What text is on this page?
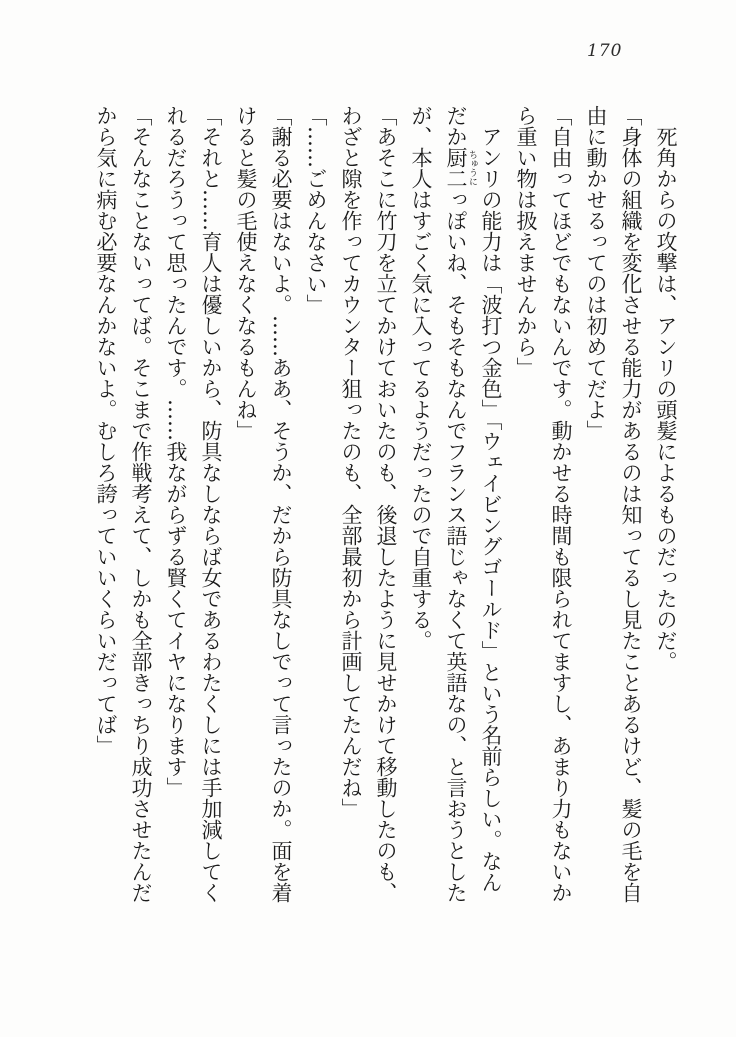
170

死角からの攻撃は、アンリの頭髪によるものだったのだ。

「身体の組織を変化させる能力があるのは知ってるし見たことあるけど、髪の毛を自由に動かせるってのは初めてだよ」

「自由ってほどでもないんです。動かせる時間も限られてますし、あまり力もないから重い物は扱えませんから」

アンリの能力は「波打つ金色」「ウェイビングゴールド」という名前らしい。なんだか厨二 ちゅうにっぽいね、そもそもなんでフランス語じゃなくて英語なの、と言おうとしたが、本人はすごく気に入ってるようだったので自重する。

「あそこに竹刀を立てかけておいたのも、後退したように見せかけて移動したのも、わざと隙を作ってカウンター狙ったのも、全部最初から計画してたんだね」

「……ごめんなさい」

「謝る必要はないよ。……ああ、そうか、だから防具なしでって言ったのか。面を着けると髪の毛使えなくなるもんね」

「それと……育人は優しいから、防具なしならば女であるわたくしには手加減してくれるだろうって思ったんです。……我ながらずる賢くてイヤになります」

「そんなことないってば。そこまで作戦考えて、しかも全部きっちり成功させたんだから気に病む必要なんかないよ。むしろ誇っていいくらいだってば」
